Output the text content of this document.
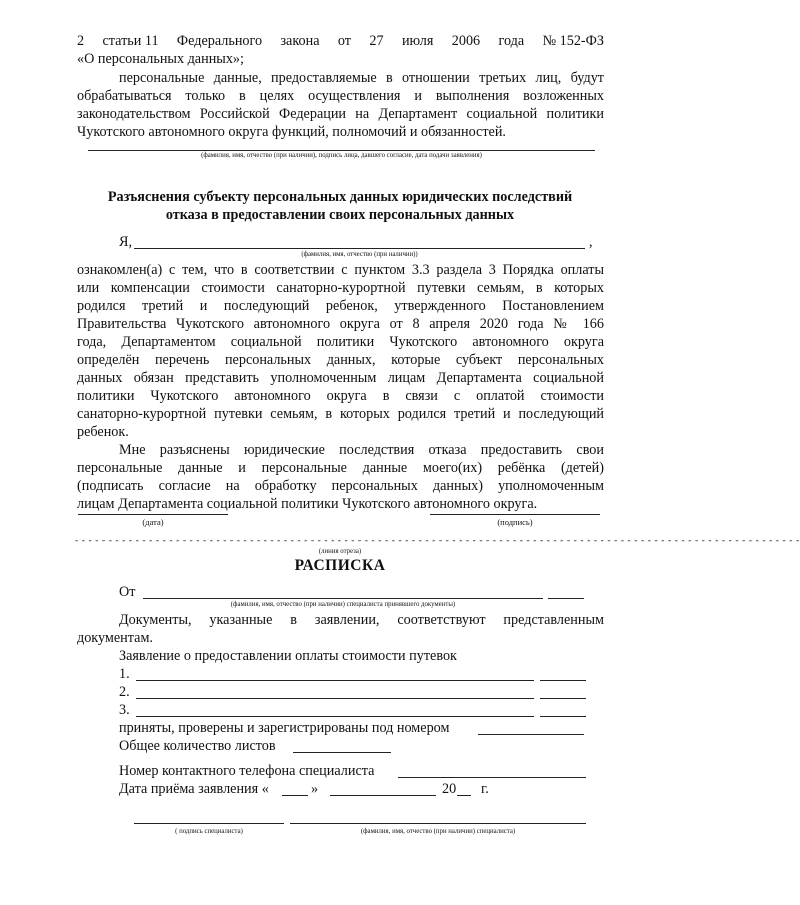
2 статьи 11 Федерального закона от 27 июля 2006 года № 152-ФЗ
«О персональных данных»;
персональные данные, предоставляемые в отношении третьих лиц, будут
обрабатываться только в целях осуществления и выполнения возложенных
законодательством Российской Федерации на Департамент социальной политики
Чукотского автономного округа функций, полномочий и обязанностей.
(фамилия, имя, отчество (при наличии), подпись лица, давшего согласие, дата подачи заявления)
Разъяснения субъекту персональных данных юридических последствий
отказа в предоставлении своих персональных данных
Я,	,
(фамилия, имя, отчество (при наличии))
ознакомлен(а) с тем, что в соответствии с пунктом 3.3 раздела 3 Порядка оплаты
или компенсации стоимости санаторно-курортной путевки семьям, в которых
родился третий и последующий ребенок, утвержденного Постановлением
Правительства Чукотского автономного округа от 8 апреля 2020 года № 166
года, Департаментом социальной политики Чукотского автономного округа
определён перечень персональных данных, которые субъект персональных
данных обязан представить уполномоченным лицам Департамента социальной
политики Чукотского автономного округа в связи с оплатой стоимости
санаторно-курортной путевки семьям, в которых родился третий и последующий
ребенок.
Мне разъяснены юридические последствия отказа предоставить свои
персональные данные и персональные данные моего(их) ребёнка (детей)
(подписать согласие на обработку персональных данных) уполномоченным
лицам Департамента социальной политики Чукотского автономного округа.
(дата)	(подпись)
- - - - - - - - - - - - - - - - - - - - - - - - - - - - - - - - - - - - - - - - - - - - - - - - - - - - - - - - - - - - - - - - - - - - - - - - - - - - - - - - - - - - - - - - - - - - - - - - - - - - - - - - - - - -
(линия отреза)
РАСПИСКА
От
(фамилия, имя, отчество (при наличии) специалиста принявшего документы)
Документы, указанные в заявлении, соответствуют представленным
документам.
Заявление о предоставлении оплаты стоимости путевок
1.
2.
3.
приняты, проверены и зарегистрированы под номером
Общее количество листов
Номер контактного телефона специалиста
Дата приёма заявления «	»	20 г.
( подпись специалиста)	(фамилия, имя, отчество (при наличии) специалиста)
